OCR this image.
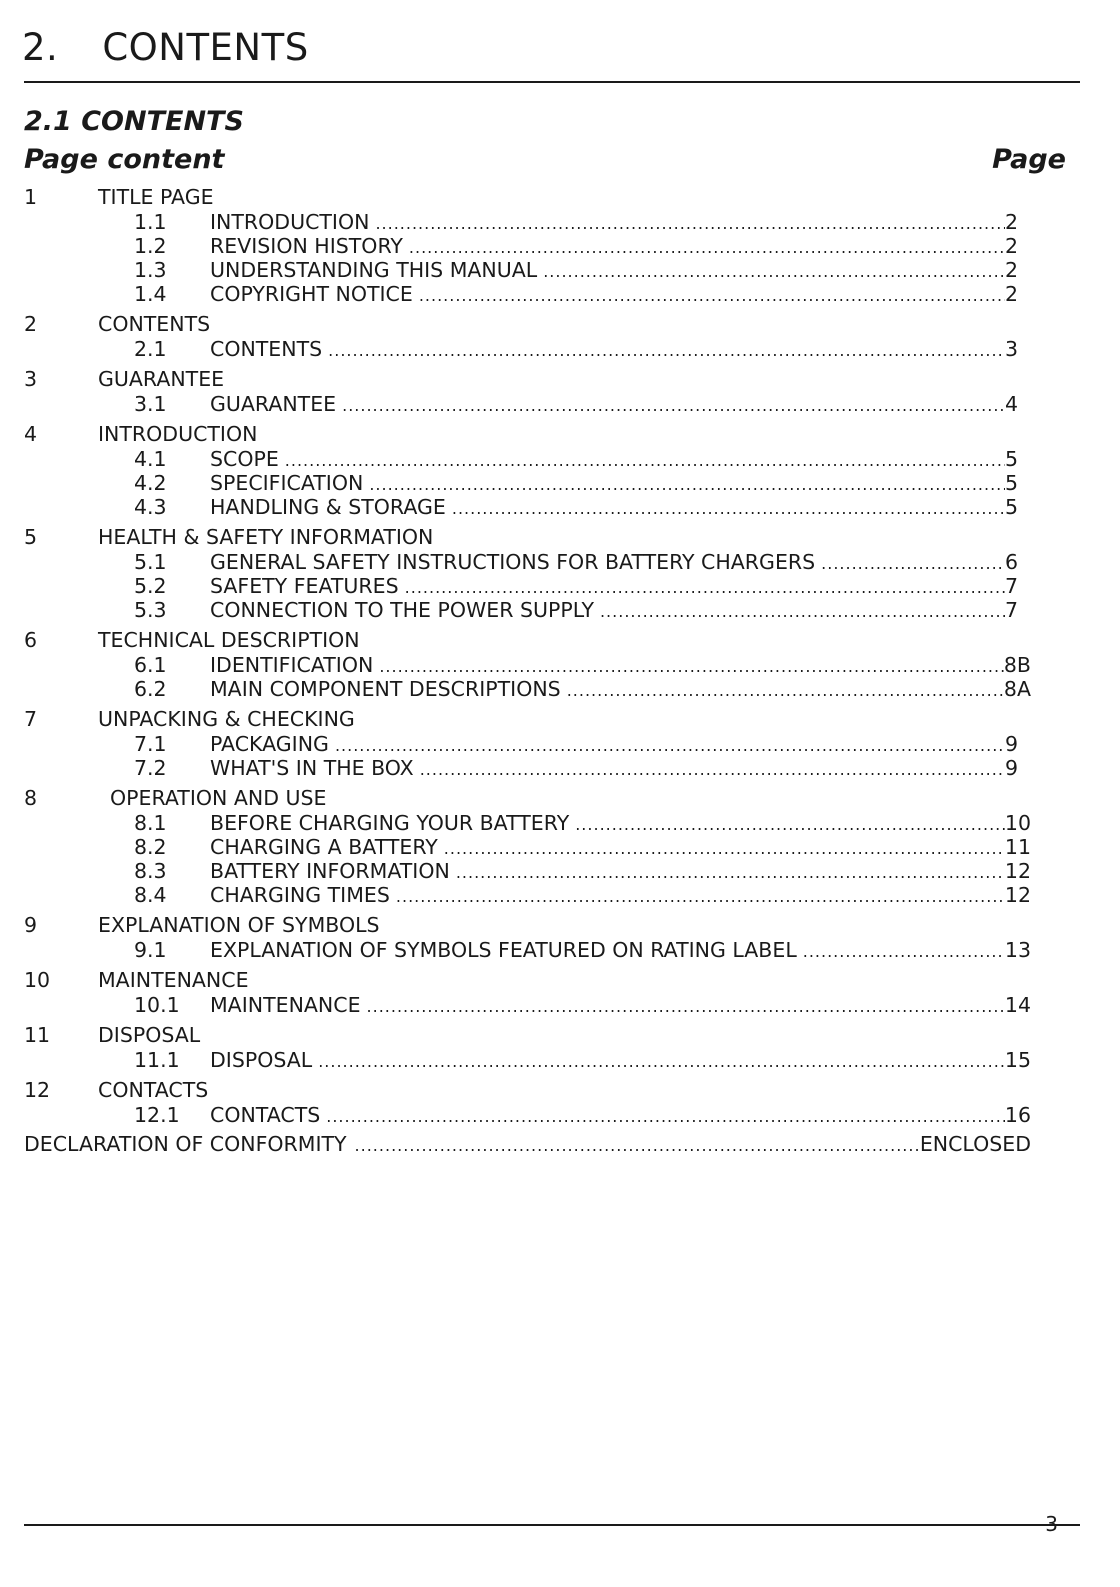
2. CONTENTS
2.1 CONTENTS
Page content	Page
1	TITLE PAGE
1.1	INTRODUCTION .....	2
1.2	REVISION HISTORY .....	2
1.3	UNDERSTANDING THIS MANUAL .....	2
1.4	COPYRIGHT NOTICE .....	2
2	CONTENTS
2.1	CONTENTS .....	3
3	GUARANTEE
3.1	GUARANTEE .....	4
4	INTRODUCTION
4.1	SCOPE .....	5
4.2	SPECIFICATION .....	5
4.3	HANDLING & STORAGE .....	5
5	HEALTH & SAFETY INFORMATION
5.1	GENERAL SAFETY INSTRUCTIONS FOR BATTERY CHARGERS .....	6
5.2	SAFETY FEATURES .....	7
5.3	CONNECTION TO THE POWER SUPPLY .....	7
6	TECHNICAL DESCRIPTION
6.1	IDENTIFICATION .....	8B
6.2	MAIN COMPONENT DESCRIPTIONS .....	8A
7	UNPACKING & CHECKING
7.1	PACKAGING .....	9
7.2	WHAT'S IN THE BOX .....	9
8	OPERATION AND USE
8.1	BEFORE CHARGING YOUR BATTERY .....	10
8.2	CHARGING A BATTERY .....	11
8.3	BATTERY INFORMATION .....	12
8.4	CHARGING TIMES .....	12
9	EXPLANATION OF SYMBOLS
9.1	EXPLANATION OF SYMBOLS FEATURED ON RATING LABEL .....	13
10	MAINTENANCE
10.1	MAINTENANCE .....	14
11	DISPOSAL
11.1	DISPOSAL .....	15
12	CONTACTS
12.1	CONTACTS .....	16
DECLARATION OF CONFORMITY .....	ENCLOSED
3
